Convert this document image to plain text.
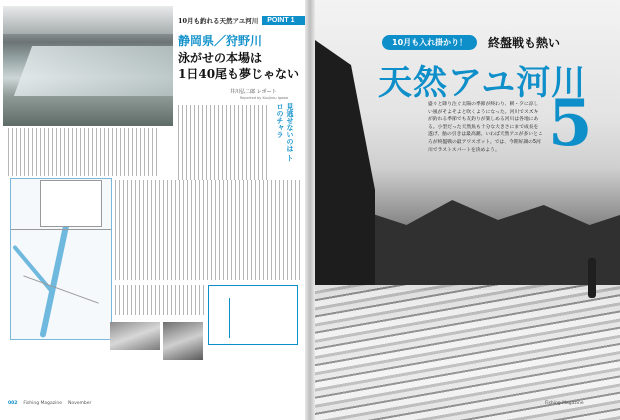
10月も釣れる天然アユ河川	POINT 1
静岡県／狩野川
泳がせの本場は
1日40尾も夢じゃない
井川弘二郎 レポート
Reported by Koujirou Igawa
見逃せないのは トロのチャラ
002 Fishing Magazine November
10月も入れ掛かり！	終盤戦も熱い
天然アユ河川
5
盛々と降り注ぐ太陽の季節が終わり、朝・夕に涼しい風がそよそよと吹くようになった。河川でスズキが釣れる季節でも友釣りが楽しめる河川は各地にある。小型だった天然魚も十分な大きさにまで成長を遂げ、鮎の引きは最高潮。いわば天然アユが多いところが終盤戦の最アワスポット。では、今期好調の5河川でラストスパートを決めよう。
Fishing Magazine
